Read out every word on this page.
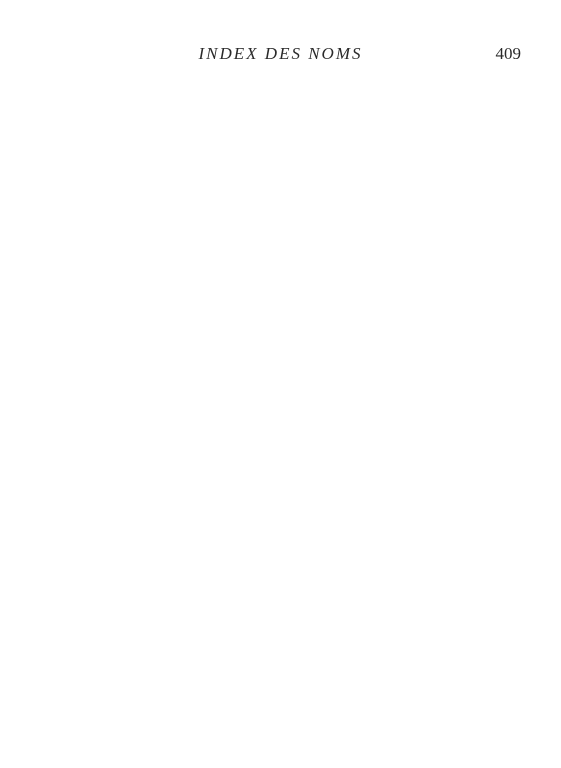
INDEX DES NOMS	409
